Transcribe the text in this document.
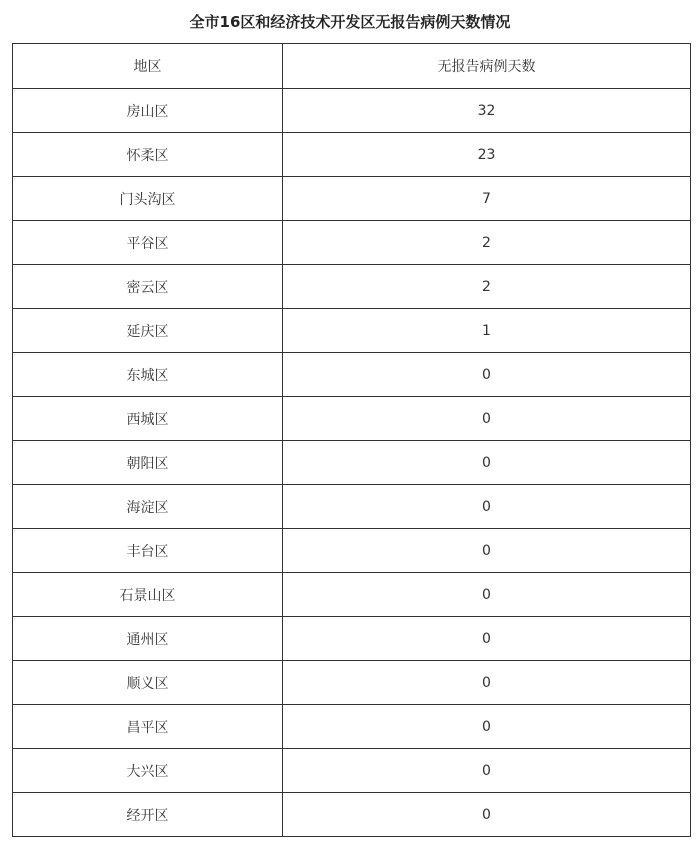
全市16区和经济技术开发区无报告病例天数情况
地区	无报告病例天数
房山区	32
怀柔区	23
门头沟区	7
平谷区	2
密云区	2
延庆区	1
东城区	0
西城区	0
朝阳区	0
海淀区	0
丰台区	0
石景山区	0
通州区	0
顺义区	0
昌平区	0
大兴区	0
经开区	0
